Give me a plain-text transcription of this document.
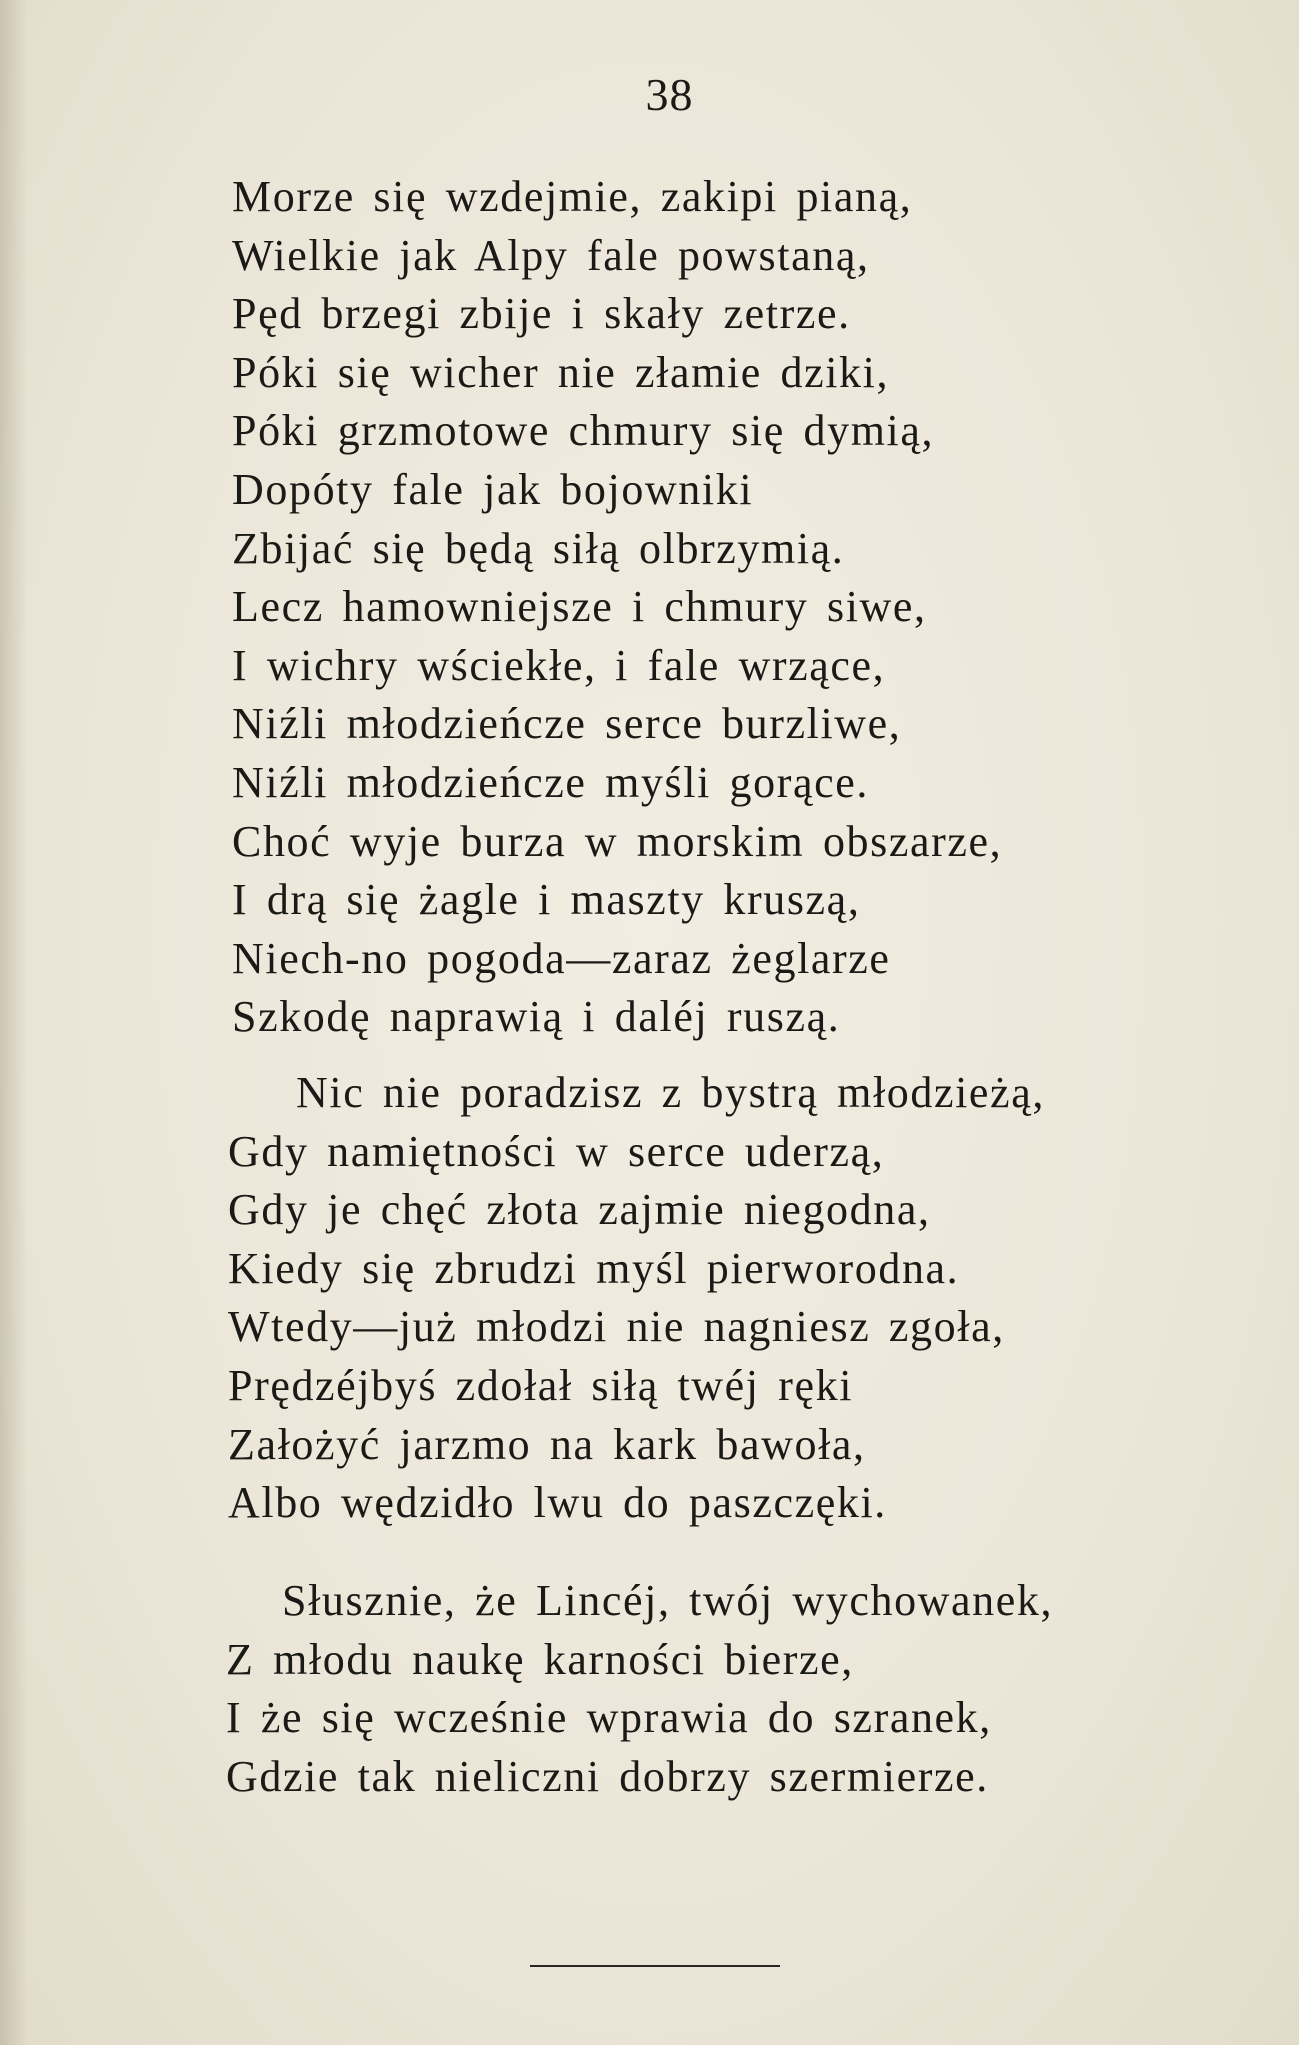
38
Morze się wzdejmie, zakipi pianą,
Wielkie jak Alpy fale powstaną,
Pęd brzegi zbije i skały zetrze.
Póki się wicher nie złamie dziki,
Póki grzmotowe chmury się dymią,
Dopóty fale jak bojowniki
Zbijać się będą siłą olbrzymią.
Lecz hamowniejsze i chmury siwe,
I wichry wściekłe, i fale wrzące,
Niźli młodzieńcze serce burzliwe,
Niźli młodzieńcze myśli gorące.
Choć wyje burza w morskim obszarze,
I drą się żagle i maszty kruszą,
Niech-no pogoda—zaraz żeglarze
Szkodę naprawią i daléj ruszą.
Nic nie poradzisz z bystrą młodzieżą,
Gdy namiętności w serce uderzą,
Gdy je chęć złota zajmie niegodna,
Kiedy się zbrudzi myśl pierworodna.
Wtedy—już młodzi nie nagniesz zgoła,
Prędzéjbyś zdołał siłą twéj ręki
Założyć jarzmo na kark bawoła,
Albo wędzidło lwu do paszczęki.
Słusznie, że Lincéj, twój wychowanek,
Z młodu naukę karności bierze,
I że się wcześnie wprawia do szranek,
Gdzie tak nieliczni dobrzy szermierze.
